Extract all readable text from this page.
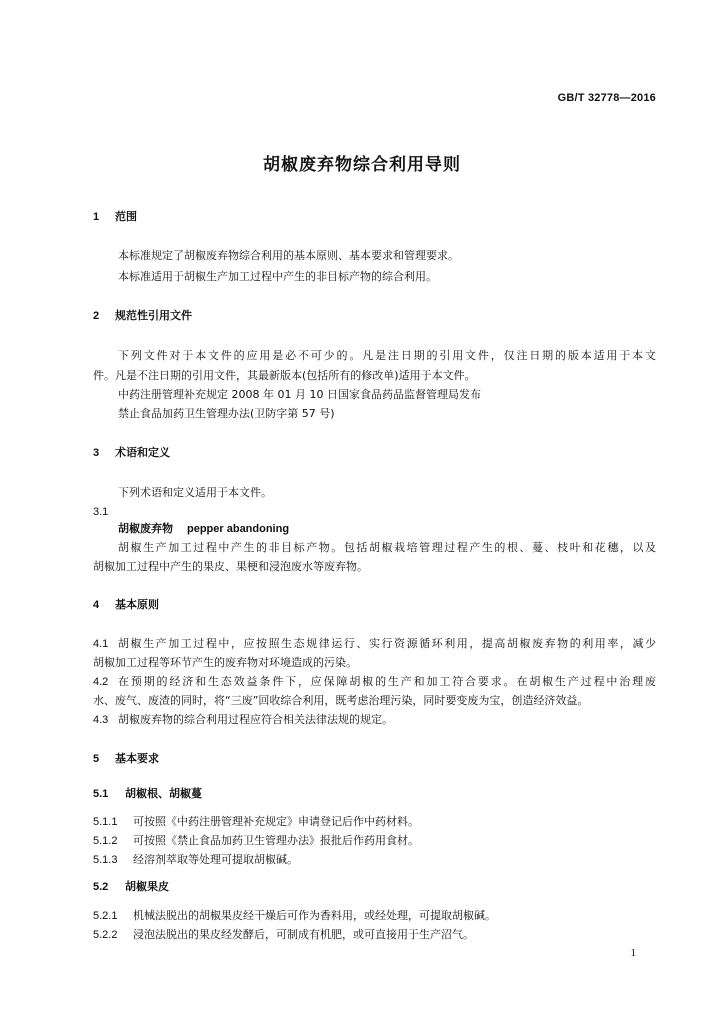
GB/T 32778—2016
胡椒废弃物综合利用导则
1 范围
本标准规定了胡椒废弃物综合利用的基本原则、基本要求和管理要求。
本标准适用于胡椒生产加工过程中产生的非目标产物的综合利用。
2 规范性引用文件
下列文件对于本文件的应用是必不可少的。凡是注日期的引用文件，仅注日期的版本适用于本文
件。凡是不注日期的引用文件，其最新版本(包括所有的修改单)适用于本文件。
中药注册管理补充规定 2008 年 01 月 10 日国家食品药品监督管理局发布
禁止食品加药卫生管理办法(卫防字第 57 号)
3 术语和定义
下列术语和定义适用于本文件。
3.1
胡椒废弃物 pepper abandoning
胡椒生产加工过程中产生的非目标产物。包括胡椒栽培管理过程产生的根、蔓、枝叶和花穗，以及
胡椒加工过程中产生的果皮、果梗和浸泡废水等废弃物。
4 基本原则
4.1 胡椒生产加工过程中，应按照生态规律运行、实行资源循环利用，提高胡椒废弃物的利用率，减少
胡椒加工过程等环节产生的废弃物对环境造成的污染。
4.2 在预期的经济和生态效益条件下，应保障胡椒的生产和加工符合要求。在胡椒生产过程中治理废
水、废气、废渣的同时，将“三废”回收综合利用，既考虑治理污染，同时要变废为宝，创造经济效益。
4.3 胡椒废弃物的综合利用过程应符合相关法律法规的规定。
5 基本要求
5.1 胡椒根、胡椒蔓
5.1.1 可按照《中药注册管理补充规定》申请登记后作中药材料。
5.1.2 可按照《禁止食品加药卫生管理办法》报批后作药用食材。
5.1.3 经溶剂萃取等处理可提取胡椒碱。
5.2 胡椒果皮
5.2.1 机械法脱出的胡椒果皮经干燥后可作为香料用，或经处理，可提取胡椒碱。
5.2.2 浸泡法脱出的果皮经发酵后，可制成有机肥，或可直接用于生产沼气。
1
